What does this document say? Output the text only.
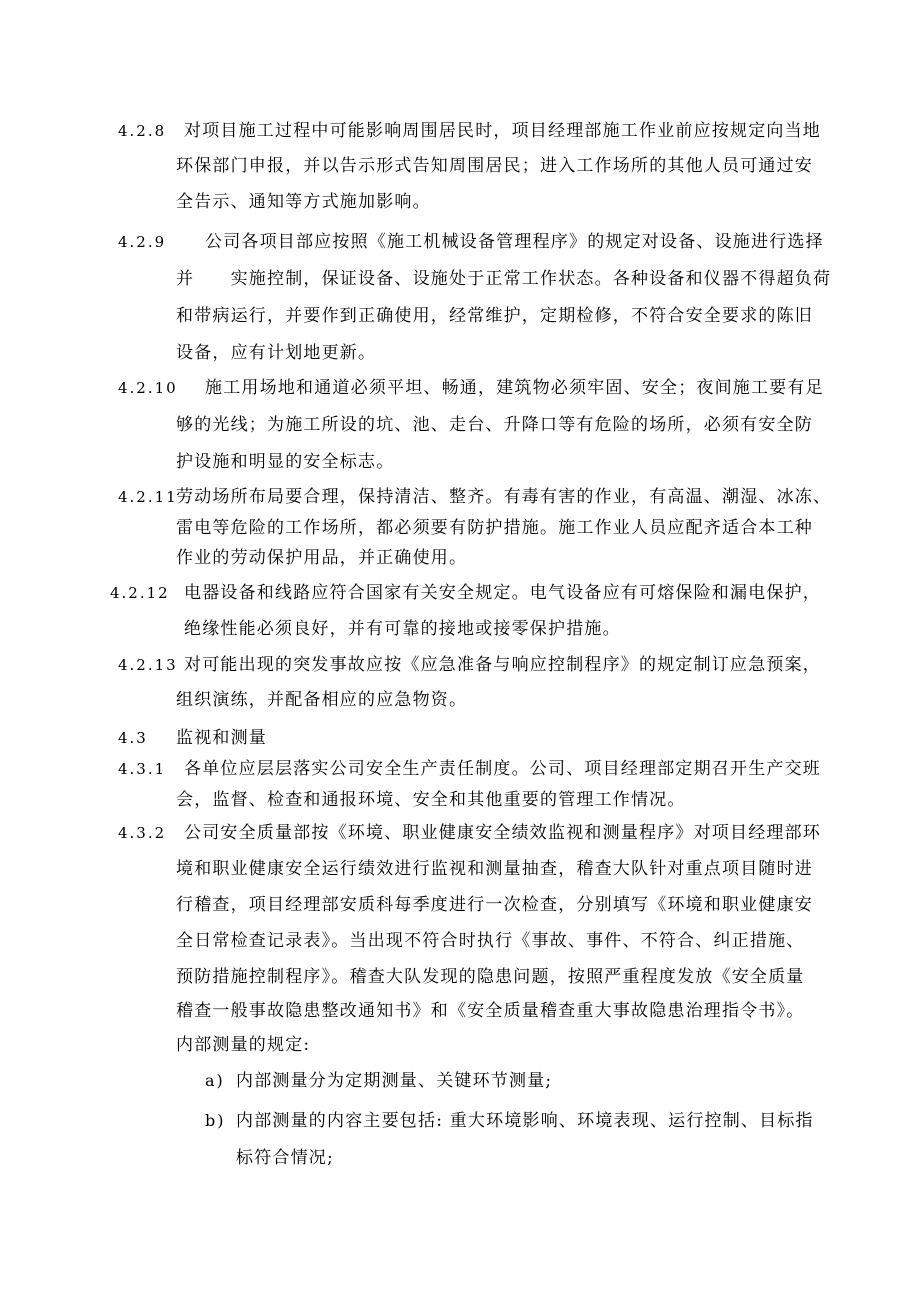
4.2.8 对项目施工过程中可能影响周围居民时，项目经理部施工作业前应按规定向当地
环保部门申报，并以告示形式告知周围居民；进入工作场所的其他人员可通过安
全告示、通知等方式施加影响。
4.2.9 公司各项目部应按照《施工机械设备管理程序》的规定对设备、设施进行选择
并　　实施控制，保证设备、设施处于正常工作状态。各种设备和仪器不得超负荷
和带病运行，并要作到正确使用，经常维护，定期检修，不符合安全要求的陈旧
设备，应有计划地更新。
4.2.10 施工用场地和通道必须平坦、畅通，建筑物必须牢固、安全；夜间施工要有足
够的光线；为施工所设的坑、池、走台、升降口等有危险的场所，必须有安全防
护设施和明显的安全标志。
4.2.11
劳动场所布局要合理，保持清洁、整齐。有毒有害的作业，有高温、潮湿、冰冻、
雷电等危险的工作场所，都必须要有防护措施。施工作业人员应配齐适合本工种
作业的劳动保护用品，并正确使用。
4.2.12 电器设备和线路应符合国家有关安全规定。电气设备应有可熔保险和漏电保护，
绝缘性能必须良好，并有可靠的接地或接零保护措施。
4.2.13 对可能出现的突发事故应按《应急准备与响应控制程序》的规定制订应急预案，
组织演练，并配备相应的应急物资。
4.3 监视和测量
4.3.1 各单位应层层落实公司安全生产责任制度。公司、项目经理部定期召开生产交班
会，监督、检查和通报环境、安全和其他重要的管理工作情况。
4.3.2 公司安全质量部按《环境、职业健康安全绩效监视和测量程序》对项目经理部环
境和职业健康安全运行绩效进行监视和测量抽查，稽查大队针对重点项目随时进
行稽查，项目经理部安质科每季度进行一次检查，分别填写《环境和职业健康安
全日常检查记录表》。当出现不符合时执行《事故、事件、不符合、纠正措施、
预防措施控制程序》。稽查大队发现的隐患问题，按照严重程度发放《安全质量
稽查一般事故隐患整改通知书》和《安全质量稽查重大事故隐患治理指令书》。
内部测量的规定:
a) 内部测量分为定期测量、关键环节测量;
b) 内部测量的内容主要包括: 重大环境影响、环境表现、运行控制、目标指
标符合情况;
